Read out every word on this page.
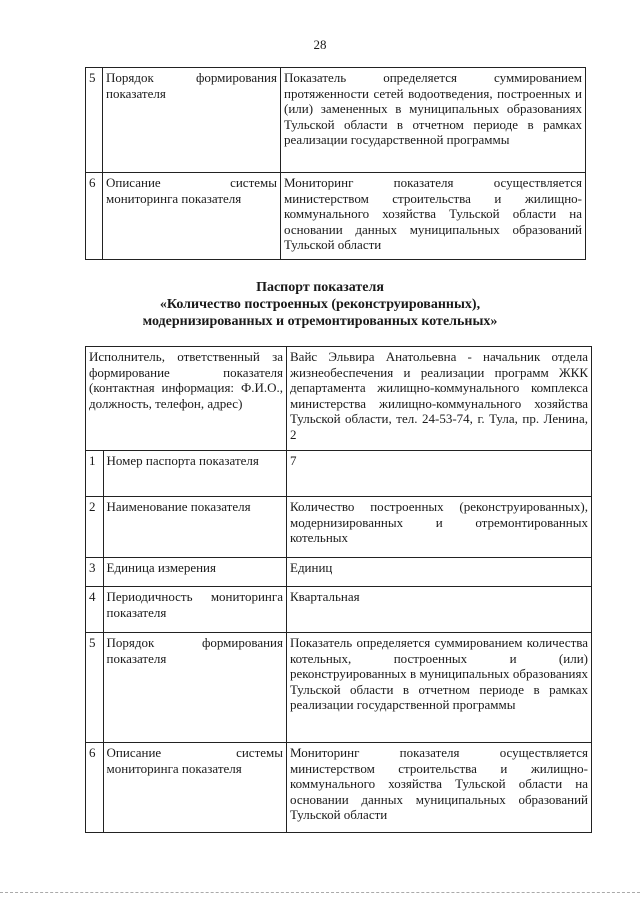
28
5	Порядок формирования показателя	Показатель определяется суммированием протяженности сетей водоотведения, построенных и (или) замененных в муниципальных образованиях Тульской области в отчетном периоде в рамках реализации государственной программы
6	Описание системы мониторинга показателя	Мониторинг показателя осуществляется министерством строительства и жилищно-коммунального хозяйства Тульской области на основании данных муниципальных образований Тульской области
Паспорт показателя
«Количество построенных (реконструированных),
модернизированных и отремонтированных котельных»
Исполнитель, ответственный за формирование показателя (контактная информация: Ф.И.О., должность, телефон, адрес)		Вайс Эльвира Анатольевна - начальник отдела жизнеобеспечения и реализации программ ЖКК департамента жилищно-коммунального комплекса министерства жилищно-коммунального хозяйства Тульской области, тел. 24-53-74, г. Тула, пр. Ленина, 2
1	Номер паспорта показателя	7
2	Наименование показателя	Количество построенных (реконструированных), модернизированных и отремонтированных котельных
3	Единица измерения	Единиц
4	Периодичность мониторинга показателя	Квартальная
5	Порядок формирования показателя	Показатель определяется суммированием количества котельных, построенных и (или) реконструированных в муниципальных образованиях Тульской области в отчетном периоде в рамках реализации государственной программы
6	Описание системы мониторинга показателя	Мониторинг показателя осуществляется министерством строительства и жилищно-коммунального хозяйства Тульской области на основании данных муниципальных образований Тульской области
